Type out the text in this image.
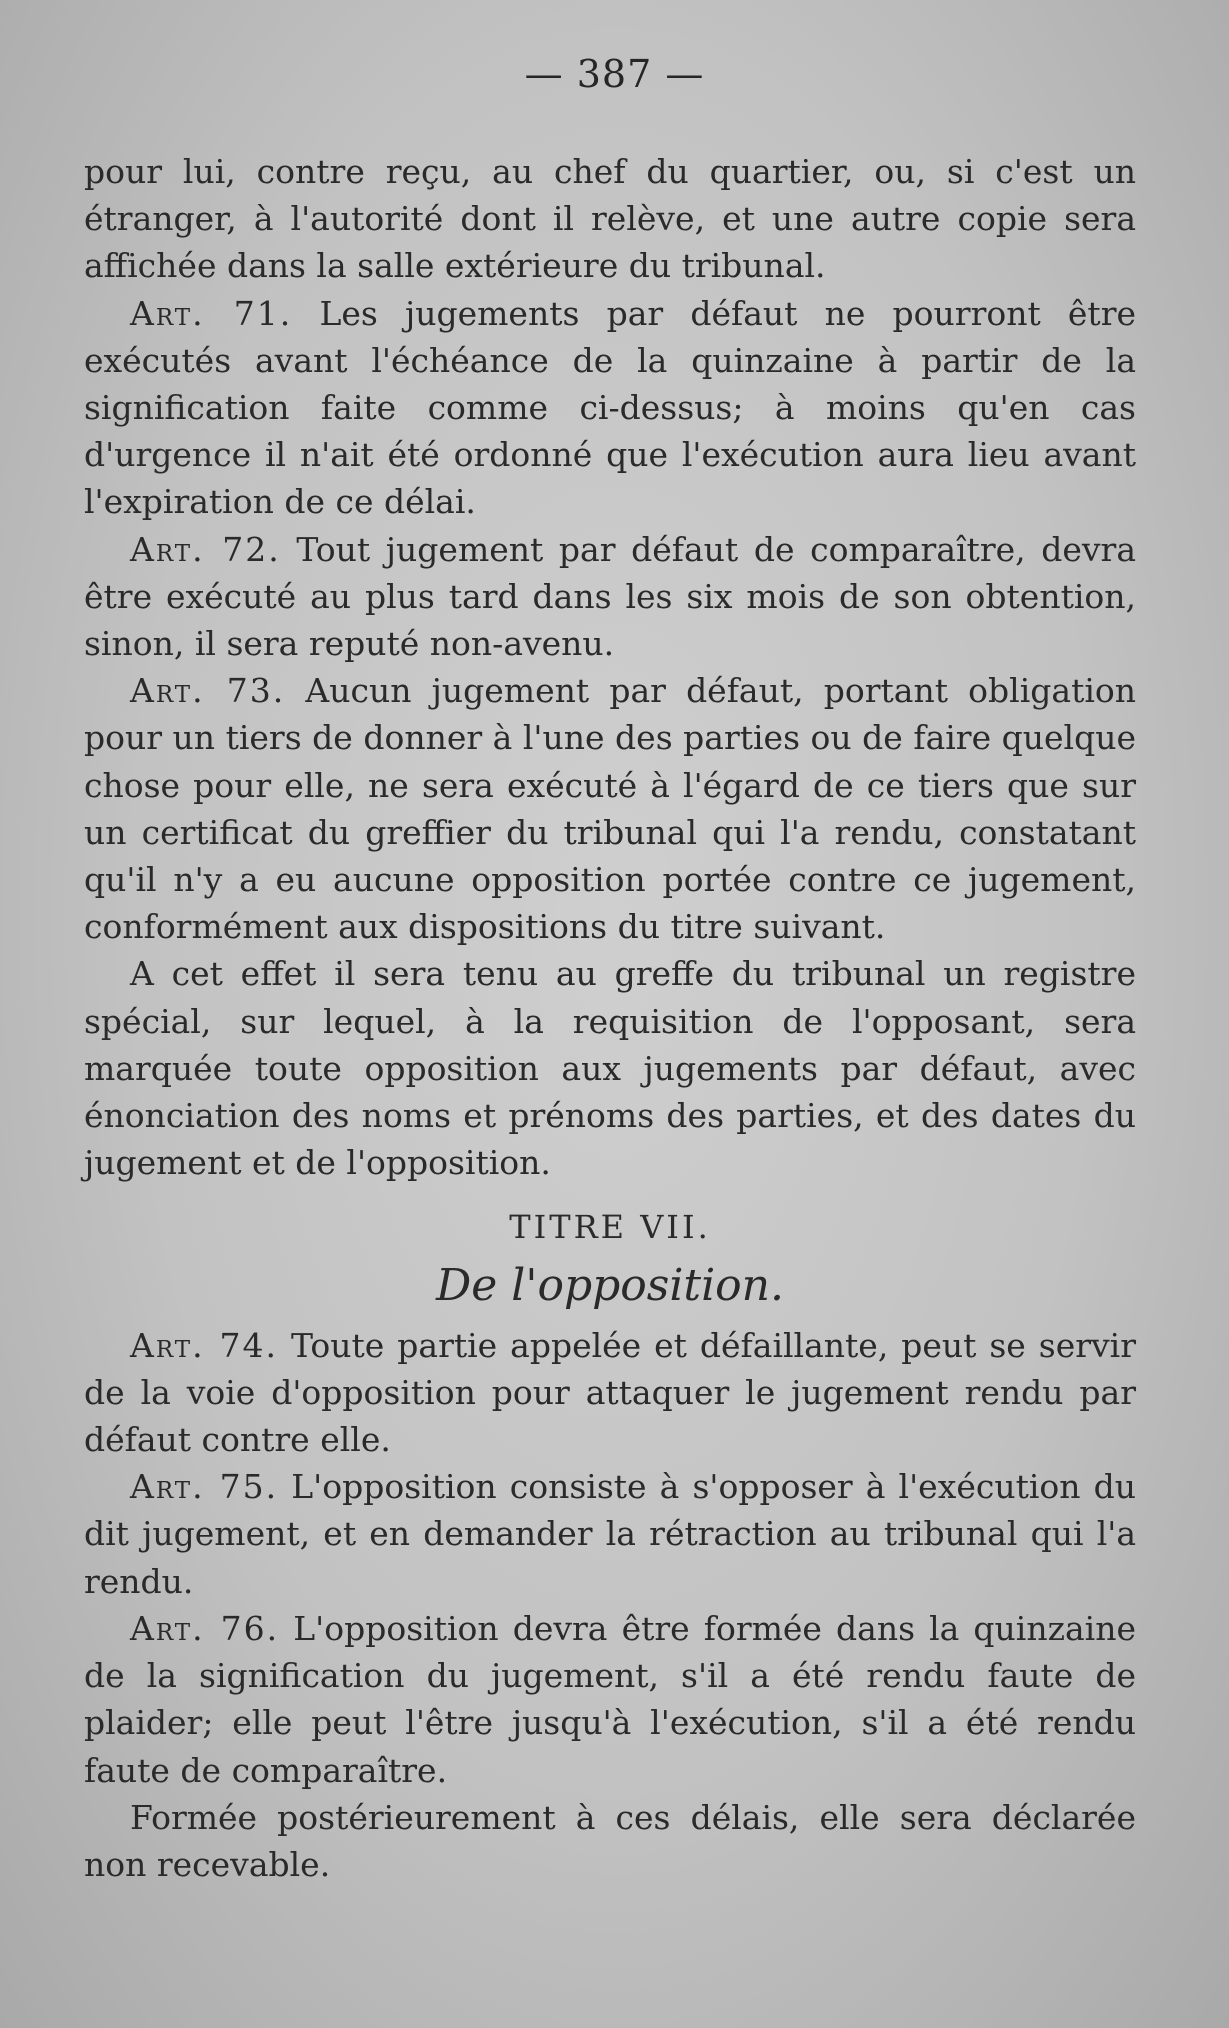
— 387 —

pour lui, contre reçu, au chef du quartier, ou, si c'est un étranger, à l'autorité dont il relève, et une autre copie sera affichée dans la salle extérieure du tribunal.

Art. 71. Les jugements par défaut ne pourront être exécutés avant l'échéance de la quinzaine à partir de la signification faite comme ci-dessus; à moins qu'en cas d'urgence il n'ait été ordonné que l'exécution aura lieu avant l'expiration de ce délai.

Art. 72. Tout jugement par défaut de comparaître, devra être exécuté au plus tard dans les six mois de son obtention, sinon, il sera reputé non-avenu.

Art. 73. Aucun jugement par défaut, portant obligation pour un tiers de donner à l'une des parties ou de faire quelque chose pour elle, ne sera exécuté à l'égard de ce tiers que sur un certificat du greffier du tribunal qui l'a rendu, constatant qu'il n'y a eu aucune opposition portée contre ce jugement, conformément aux dispositions du titre suivant.

A cet effet il sera tenu au greffe du tribunal un registre spécial, sur lequel, à la requisition de l'opposant, sera marquée toute opposition aux jugements par défaut, avec énonciation des noms et prénoms des parties, et des dates du jugement et de l'opposition.

TITRE VII.

De l'opposition.

Art. 74. Toute partie appelée et défaillante, peut se servir de la voie d'opposition pour attaquer le jugement rendu par défaut contre elle.

Art. 75. L'opposition consiste à s'opposer à l'exécution du dit jugement, et en demander la rétraction au tribunal qui l'a rendu.

Art. 76. L'opposition devra être formée dans la quinzaine de la signification du jugement, s'il a été rendu faute de plaider; elle peut l'être jusqu'à l'exécution, s'il a été rendu faute de comparaître.

Formée postérieurement à ces délais, elle sera déclarée non recevable.
